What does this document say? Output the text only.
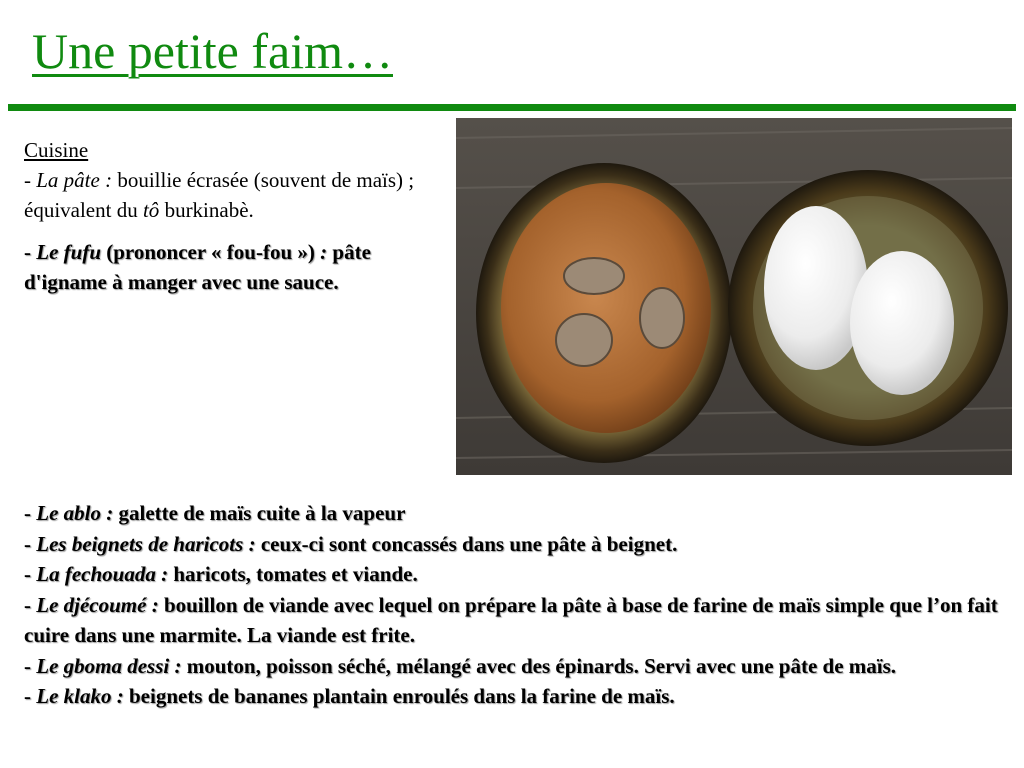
Une petite faim…
Cuisine

- La pâte : bouillie écrasée (souvent de maïs) ; équivalent du tô burkinabè.

- Le fufu (prononcer « fou-fou ») : pâte d'igname à manger avec une sauce.

- Le ablo : galette de maïs cuite à la vapeur
- Les beignets de haricots : ceux-ci sont concassés dans une pâte à beignet.
- La fechouada : haricots, tomates et viande.
- Le djécoumé : bouillon de viande avec lequel on prépare la pâte à base de farine de maïs simple que l’on fait cuire dans une marmite. La viande est frite.
- Le gboma dessi : mouton, poisson séché, mélangé avec des épinards. Servi avec une pâte de maïs.
- Le klako : beignets de bananes plantain enroulés dans la farine de maïs.
